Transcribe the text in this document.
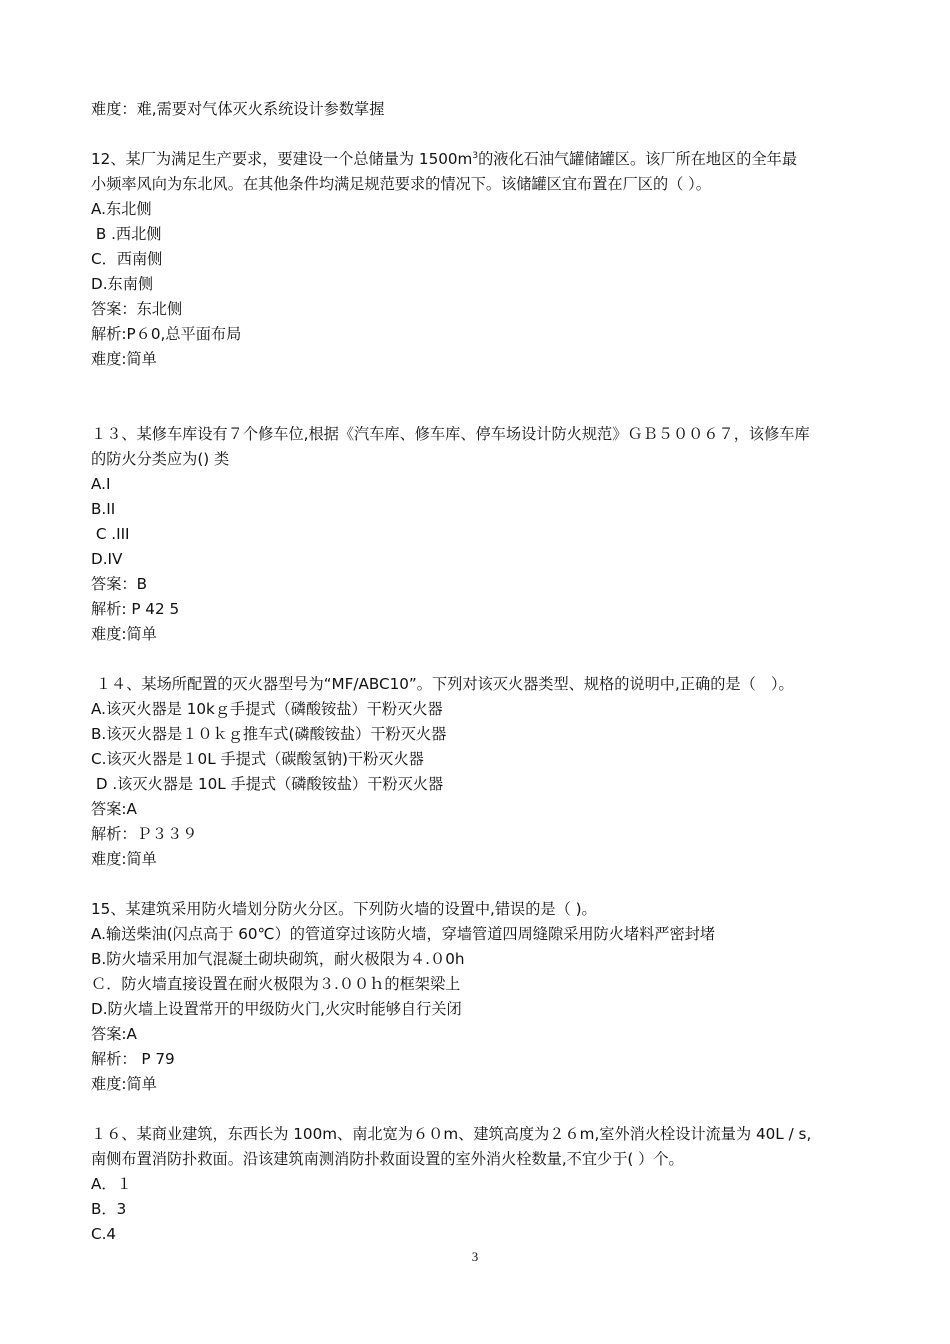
难度：难,需要对气体灭火系统设计参数掌握
12、某厂为满足生产要求，要建设一个总储量为 $1500m^3$的液化石油气罐储罐区。该厂所在地区的全年最
小频率风向为东北风。在其他条件均满足规范要求的情况下。该储罐区宜布置在厂区的（ ）。
A.东北侧
B .西北侧
C．西南侧
D.东南侧
答案：东北侧
解析:P６0,总平面布局
难度:简单
１３、某修车库设有７个修车位,根据《汽车库、修车库、停车场设计防火规范》ＧＢ５００６７，该修车库
的防火分类应为() 类
A.I
B.II
C .III
D.IV
答案：B
解析: P 42 5
难度:简单
１４、某场所配置的灭火器型号为“MF/ABC10”。下列对该灭火器类型、规格的说明中,正确的是（　）。
A.该灭火器是 10kｇ手提式（磷酸铵盐）干粉灭火器
B.该灭火器是１０ｋｇ推车式(磷酸铵盐）干粉灭火器
C.该灭火器是１0L 手提式（碳酸氢钠)干粉灭火器
D .该灭火器是 10L 手提式（磷酸铵盐）干粉灭火器
答案:A
解析：Ｐ３３９
难度:简单
15、某建筑采用防火墙划分防火分区。下列防火墙的设置中,错误的是（ )。
A.输送柴油(闪点高于 60℃）的管道穿过该防火墙，穿墙管道四周缝隙采用防火堵料严密封堵
B.防火墙采用加气混凝土砌块砌筑，耐火极限为４.０0h
Ｃ．防火墙直接设置在耐火极限为３.００ｈ的框架梁上
D.防火墙上设置常开的甲级防火门,火灾时能够自行关闭
答案:A
解析： P 79
难度:简单
１６、某商业建筑，东西长为 100m、南北宽为６０m、建筑高度为２６m,室外消火栓设计流量为 40L / s,
南侧布置消防扑救面。沿该建筑南测消防扑救面设置的室外消火栓数量,不宜少于( ）个。
A．１
B．3
C.4
3
